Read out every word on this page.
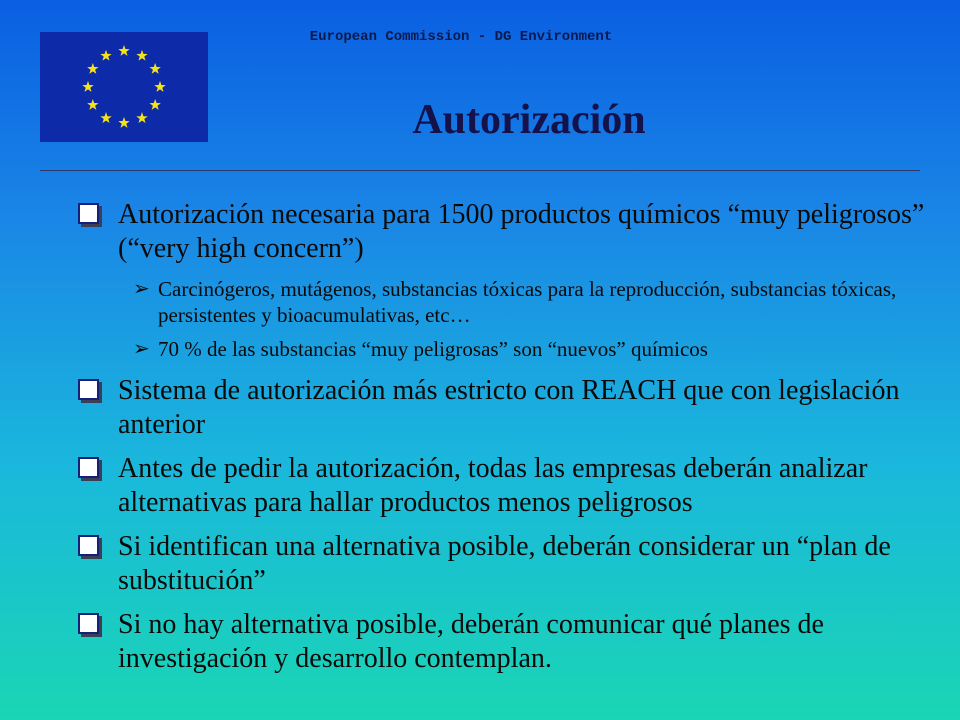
European Commission - DG Environment
Autorización
Autorización necesaria para 1500 productos químicos “muy peligrosos” (“very high concern”)
➢ Carcinógeros, mutágenos, substancias tóxicas para la reproducción, substancias tóxicas, persistentes y bioacumulativas, etc…
➢ 70 % de las substancias “muy peligrosas” son “nuevos” químicos
Sistema de autorización más estricto con REACH que con legislación anterior
Antes de pedir la autorización, todas las empresas deberán analizar alternativas para hallar productos menos peligrosos
Si identifican una alternativa posible, deberán considerar un “plan de substitución”
Si no hay alternativa posible, deberán comunicar qué planes de investigación y desarrollo contemplan.
